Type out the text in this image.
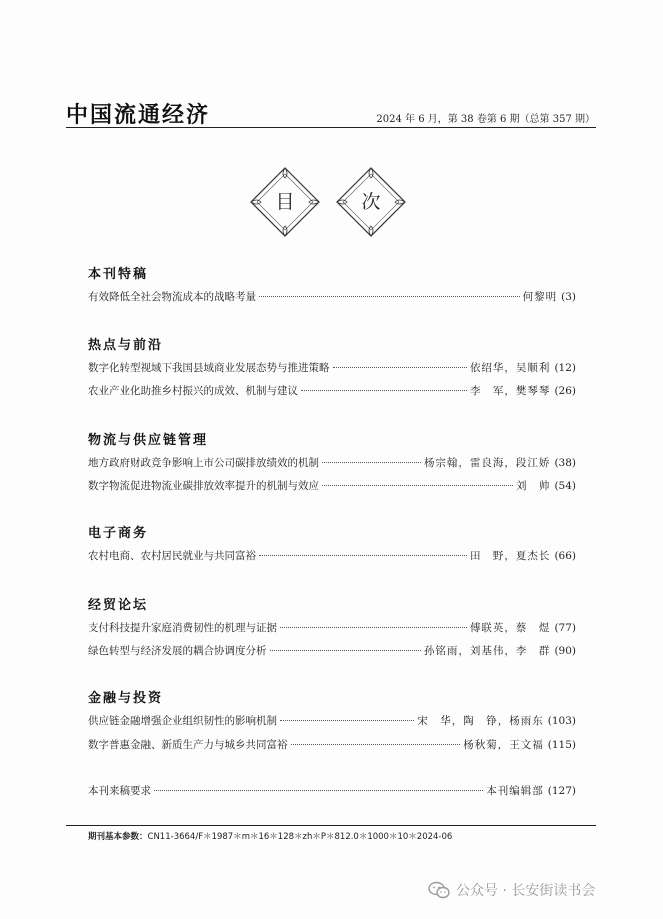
中国流通经济	2024 年 6 月，第 38 卷第 6 期（总第 357 期）
目	次
本刊特稿
有效降低全社会物流成本的战略考量	何黎明 (3)
热点与前沿
数字化转型视域下我国县域商业发展态势与推进策略	依绍华，吴顺利 (12)
农业产业化助推乡村振兴的成效、机制与建议	李　军，樊琴琴 (26)
物流与供应链管理
地方政府财政竞争影响上市公司碳排放绩效的机制	杨宗翰，雷良海，段江娇 (38)
数字物流促进物流业碳排放效率提升的机制与效应	刘　帅 (54)
电子商务
农村电商、农村居民就业与共同富裕	田　野，夏杰长 (66)
经贸论坛
支付科技提升家庭消费韧性的机理与证据	傅联英，蔡　煜 (77)
绿色转型与经济发展的耦合协调度分析	孙铭雨，刘基伟，李　群 (90)
金融与投资
供应链金融增强企业组织韧性的影响机制	宋　华，陶　铮，杨雨东 (103)
数字普惠金融、新质生产力与城乡共同富裕	杨秋菊，王文福 (115)
本刊来稿要求	本刊编辑部 (127)
期刊基本参数：CN11-3664/F＊1987＊m＊16＊128＊zh＊P＊812.0＊1000＊10＊2024-06
公众号 · 长安街读书会
